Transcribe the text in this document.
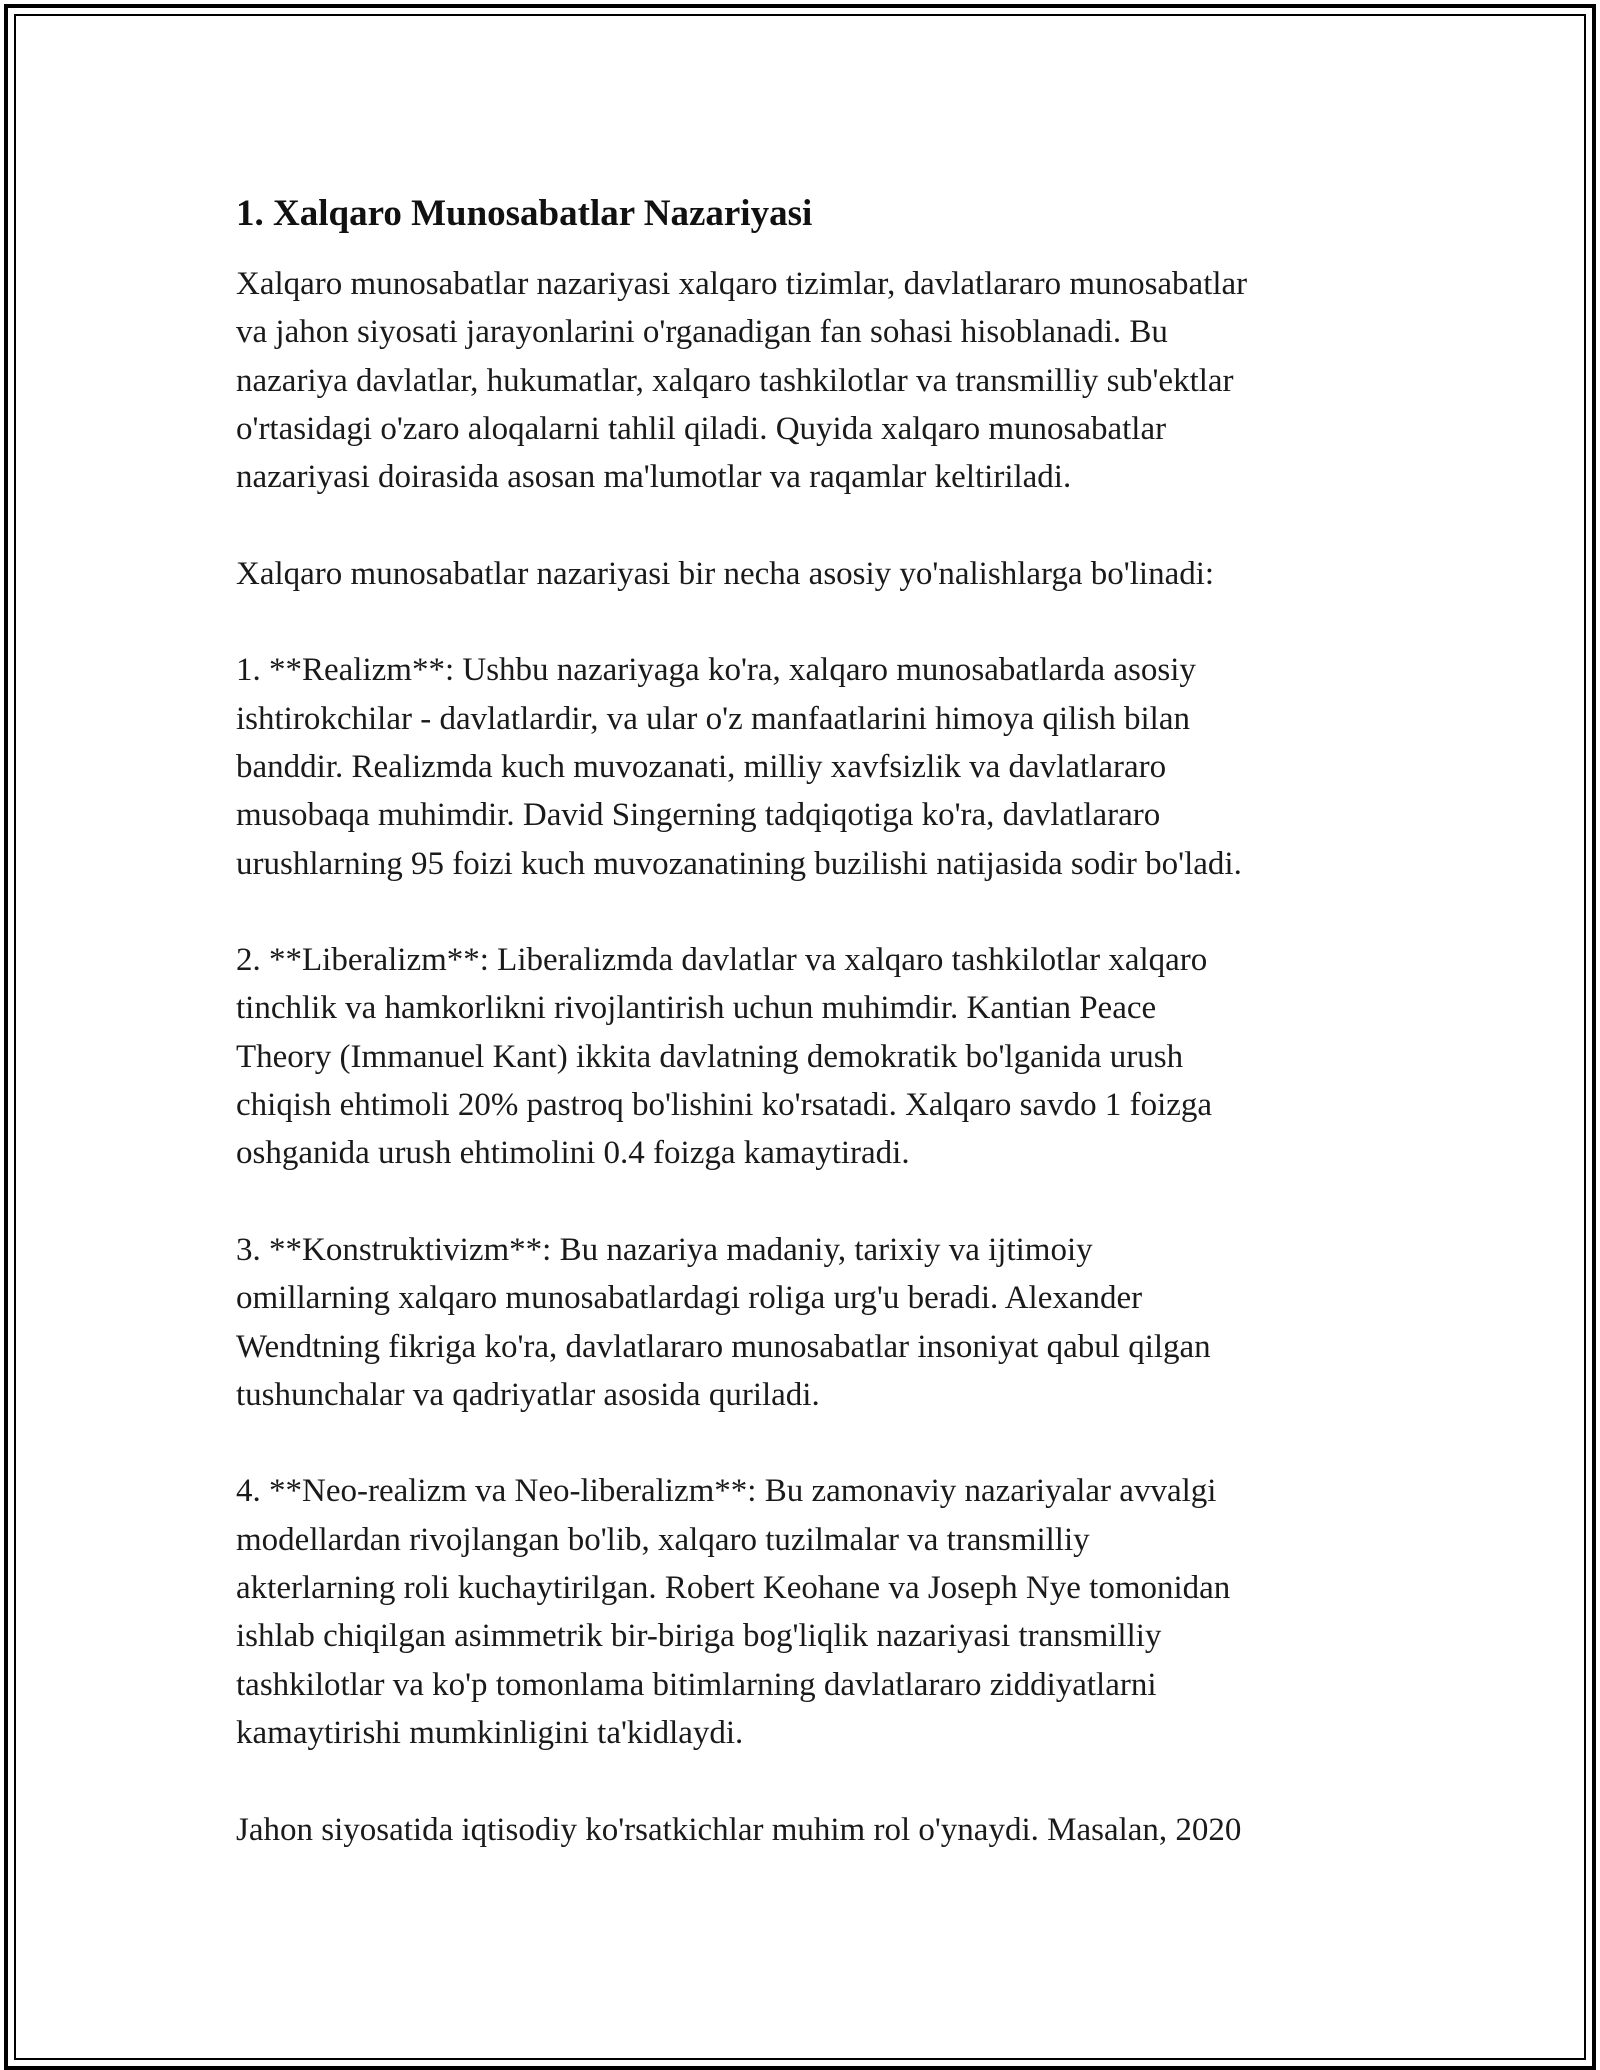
1. Xalqaro Munosabatlar Nazariyasi

Xalqaro munosabatlar nazariyasi xalqaro tizimlar, davlatlararo munosabatlar
va jahon siyosati jarayonlarini o'rganadigan fan sohasi hisoblanadi. Bu
nazariya davlatlar, hukumatlar, xalqaro tashkilotlar va transmilliy sub'ektlar
o'rtasidagi o'zaro aloqalarni tahlil qiladi. Quyida xalqaro munosabatlar
nazariyasi doirasida asosan ma'lumotlar va raqamlar keltiriladi.

Xalqaro munosabatlar nazariyasi bir necha asosiy yo'nalishlarga bo'linadi:

1. **Realizm**: Ushbu nazariyaga ko'ra, xalqaro munosabatlarda asosiy
ishtirokchilar - davlatlardir, va ular o'z manfaatlarini himoya qilish bilan
banddir. Realizmda kuch muvozanati, milliy xavfsizlik va davlatlararo
musobaqa muhimdir. David Singerning tadqiqotiga ko'ra, davlatlararo
urushlarning 95 foizi kuch muvozanatining buzilishi natijasida sodir bo'ladi.

2. **Liberalizm**: Liberalizmda davlatlar va xalqaro tashkilotlar xalqaro
tinchlik va hamkorlikni rivojlantirish uchun muhimdir. Kantian Peace
Theory (Immanuel Kant) ikkita davlatning demokratik bo'lganida urush
chiqish ehtimoli 20% pastroq bo'lishini ko'rsatadi. Xalqaro savdo 1 foizga
oshganida urush ehtimolini 0.4 foizga kamaytiradi.

3. **Konstruktivizm**: Bu nazariya madaniy, tarixiy va ijtimoiy
omillarning xalqaro munosabatlardagi roliga urg'u beradi. Alexander
Wendtning fikriga ko'ra, davlatlararo munosabatlar insoniyat qabul qilgan
tushunchalar va qadriyatlar asosida quriladi.

4. **Neo-realizm va Neo-liberalizm**: Bu zamonaviy nazariyalar avvalgi
modellardan rivojlangan bo'lib, xalqaro tuzilmalar va transmilliy
akterlarning roli kuchaytirilgan. Robert Keohane va Joseph Nye tomonidan
ishlab chiqilgan asimmetrik bir-biriga bog'liqlik nazariyasi transmilliy
tashkilotlar va ko'p tomonlama bitimlarning davlatlararo ziddiyatlarni
kamaytirishi mumkinligini ta'kidlaydi.

Jahon siyosatida iqtisodiy ko'rsatkichlar muhim rol o'ynaydi. Masalan, 2020
